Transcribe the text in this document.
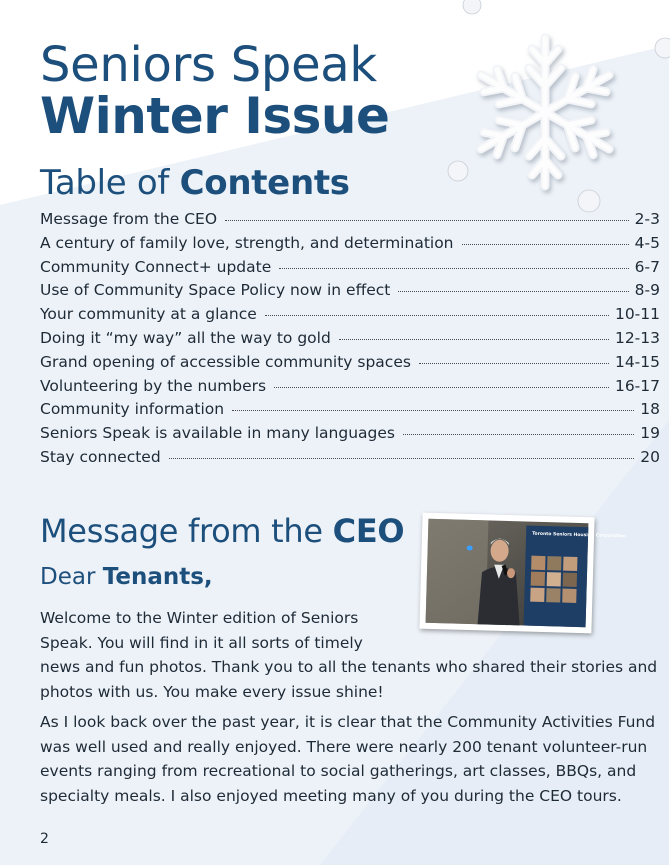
Seniors Speak
Winter Issue
Table of Contents
Message from the CEO	2-3
A century of family love, strength, and determination	4-5
Community Connect+ update	6-7
Use of Community Space Policy now in effect	8-9
Your community at a glance	10-11
Doing it “my way” all the way to gold	12-13
Grand opening of accessible community spaces	14-15
Volunteering by the numbers	16-17
Community information	18
Seniors Speak is available in many languages	19
Stay connected	20
Message from the CEO
Dear Tenants,
Toronto Seniors Housing Corporation
Welcome to the Winter edition of Seniors Speak. You will find in it all sorts of timely
news and fun photos. Thank you to all the tenants who shared their stories and photos with us. You make every issue shine!
As I look back over the past year, it is clear that the Community Activities Fund was well used and really enjoyed. There were nearly 200 tenant volunteer-run events ranging from recreational to social gatherings, art classes, BBQs, and specialty meals. I also enjoyed meeting many of you during the CEO tours.
2
